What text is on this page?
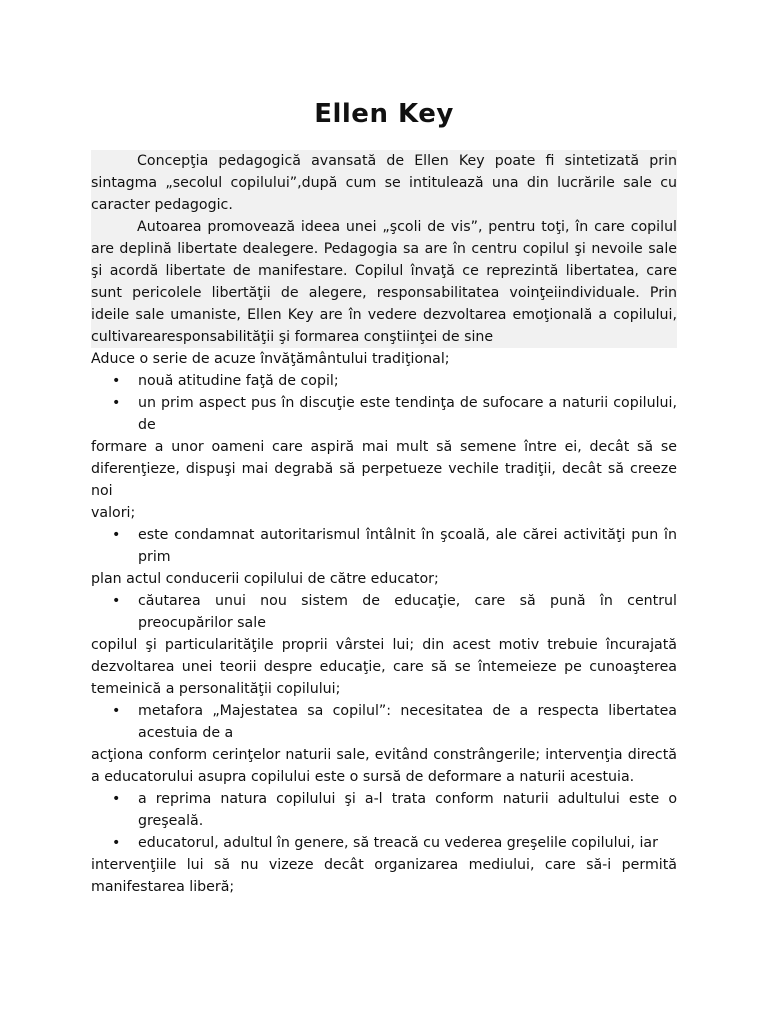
Ellen Key

Concepţia pedagogică avansată de Ellen Key poate fi sintetizată prin sintagma „secolul copilului”,după cum se intitulează una din lucrările sale cu caracter pedagogic.

Autoarea promovează ideea unei „şcoli de vis”, pentru toţi, în care copilul are deplină libertate dealegere. Pedagogia sa are în centru copilul şi nevoile sale şi acordă libertate de manifestare. Copilul învaţă ce reprezintă libertatea, care sunt pericolele libertăţii de alegere, responsabilitatea voinţeiindividuale. Prin ideile sale umaniste, Ellen Key are în vedere dezvoltarea emoţională a copilului, cultivarearesponsabilităţii şi formarea conştiinţei de sine

Aduce o serie de acuze învăţământului tradiţional;

• nouă atitudine faţă de copil;
• un prim aspect pus în discuţie este tendinţa de sufocare a naturii copilului, de

formare a unor oameni care aspiră mai mult să semene între ei, decât să se diferenţieze, dispuşi mai degrabă să perpetueze vechile tradiţii, decât să creeze noi

valori;

• este condamnat autoritarismul întâlnit în şcoală, ale cărei activităţi pun în prim

plan actul conducerii copilului de către educator;

• căutarea unui nou sistem de educaţie, care să pună în centrul preocupărilor sale

copilul şi particularităţile proprii vârstei lui; din acest motiv trebuie încurajată dezvoltarea unei teorii despre educaţie, care să se întemeieze pe cunoaşterea temeinică a personalităţii copilului;

• metafora „Majestatea sa copilul”: necesitatea de a respecta libertatea acestuia de a

acţiona conform cerinţelor naturii sale, evitând constrângerile; intervenţia directă a educatorului asupra copilului este o sursă de deformare a naturii acestuia.

• a reprima natura copilului şi a-l trata conform naturii adultului este o greşeală.
• educatorul, adultul în genere, să treacă cu vederea greşelile copilului, iar

intervenţiile lui să nu vizeze decât organizarea mediului, care să-i permită manifestarea liberă;
